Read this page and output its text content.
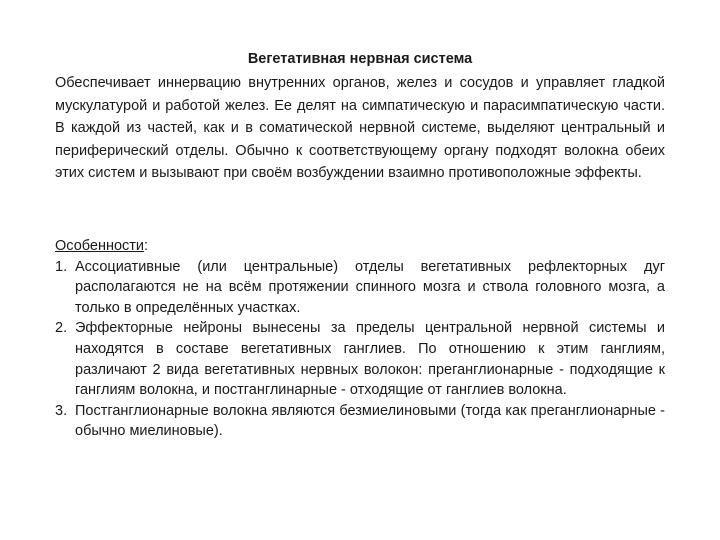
Вегетативная нервная система
Обеспечивает иннервацию внутренних органов, желез и сосудов и управляет гладкой мускулатурой и работой желез. Ее делят на симпатическую и парасимпатическую части. В каждой из частей, как и в соматической нервной системе, выделяют центральный и периферический отделы. Обычно к соответствующему органу подходят волокна обеих этих систем и вызывают при своём возбуждении взаимно противоположные эффекты.
Особенности:
1. Ассоциативные (или центральные) отделы вегетативных рефлекторных дуг располагаются не на всём протяжении спинного мозга и ствола головного мозга, а только в определённых участках.
2. Эффекторные нейроны вынесены за пределы центральной нервной системы и находятся в составе вегетативных ганглиев. По отношению к этим ганглиям, различают 2 вида вегетативных нервных волокон: преганглионарные - подходящие к ганглиям волокна, и постганглинарные - отходящие от ганглиев волокна.
3. Постганглионарные волокна являются безмиелиновыми (тогда как преганглионарные - обычно миелиновые).
